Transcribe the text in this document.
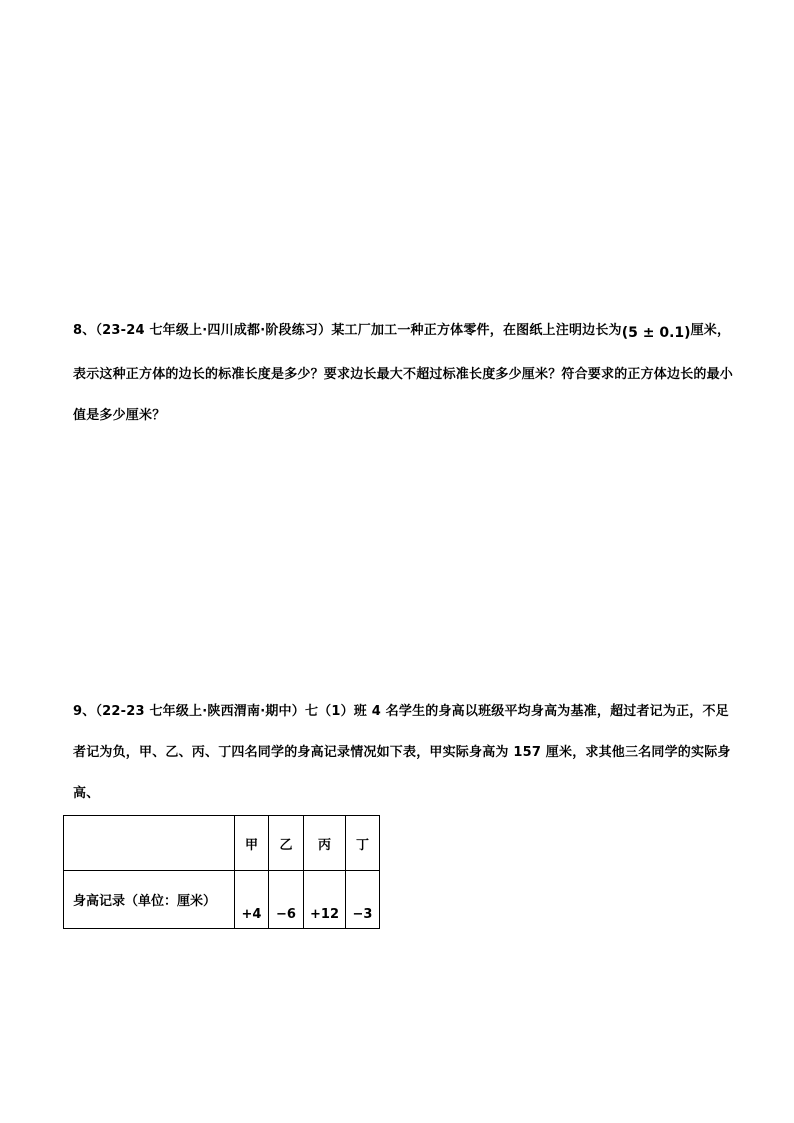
8、（23-24 七年级上·四川成都·阶段练习）某工厂加工一种正方体零件，在图纸上注明边长为(5 ± 0.1)厘米，表示这种正方体的边长的标准长度是多少？要求边长最大不超过标准长度多少厘米？符合要求的正方体边长的最小值是多少厘米？
9、（22-23 七年级上·陕西渭南·期中）七（1）班 4 名学生的身高以班级平均身高为基准，超过者记为正，不足者记为负，甲、乙、丙、丁四名同学的身高记录情况如下表，甲实际身高为 157 厘米，求其他三名同学的实际身高、
	甲	乙	丙	丁
身高记录（单位：厘米）	+4	−6	+12	−3
